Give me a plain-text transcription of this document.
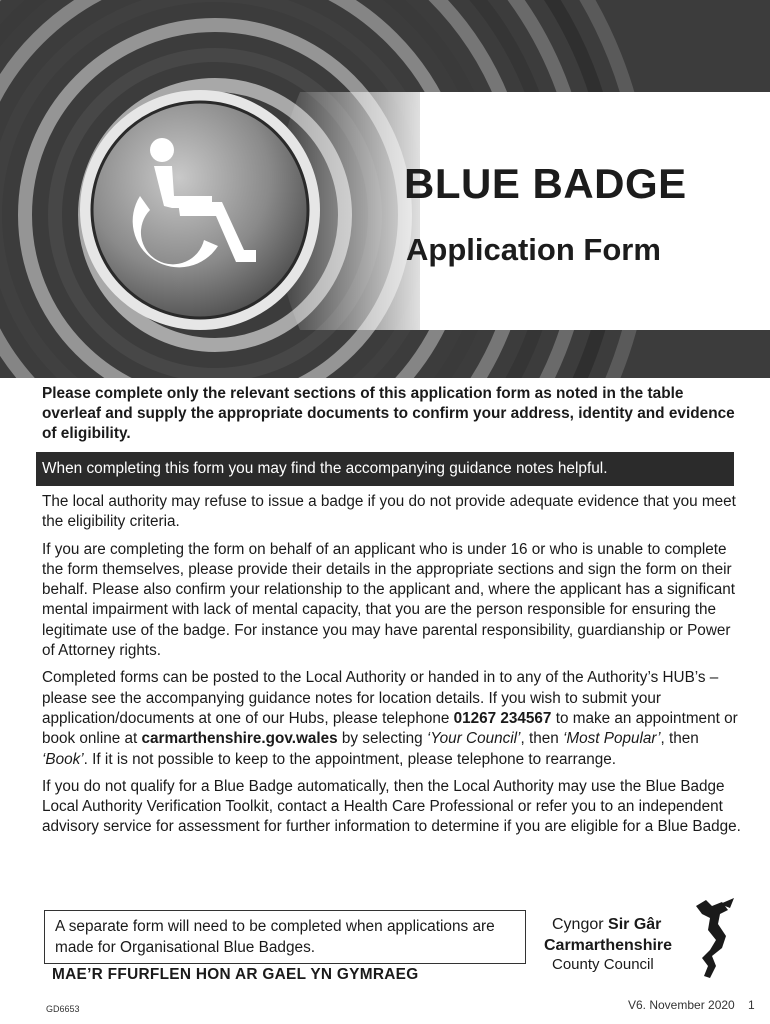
BLUE BADGE
Application Form
Please complete only the relevant sections of this application form as noted in the table overleaf and supply the appropriate documents to confirm your address, identity and evidence of eligibility.
When completing this form you may find the accompanying guidance notes helpful.

The local authority may refuse to issue a badge if you do not provide adequate evidence that you meet the eligibility criteria.

If you are completing the form on behalf of an applicant who is under 16 or who is unable to complete the form themselves, please provide their details in the appropriate sections and sign the form on their behalf. Please also confirm your relationship to the applicant and, where the applicant has a significant mental impairment with lack of mental capacity, that you are the person responsible for ensuring the legitimate use of the badge. For instance you may have parental responsibility, guardianship or Power of Attorney rights.

Completed forms can be posted to the Local Authority or handed in to any of the Authority’s HUB’s – please see the accompanying guidance notes for location details. If you wish to submit your application/documents at one of our Hubs, please telephone 01267 234567 to make an appointment or book online at carmarthenshire.gov.wales by selecting ‘Your Council’, then ‘Most Popular’, then ‘Book’. If it is not possible to keep to the appointment, please telephone to rearrange.

If you do not qualify for a Blue Badge automatically, then the Local Authority may use the Blue Badge Local Authority Verification Toolkit, contact a Health Care Professional or refer you to an independent advisory service for assessment for further information to determine if you are eligible for a Blue Badge.

A separate form will need to be completed when applications are made for Organisational Blue Badges.
MAE’R FFURFLEN HON AR GAEL YN GYMRAEG
Cyngor Sir Gâr
Carmarthenshire
County Council
GD6653	V6. November 2020 1
